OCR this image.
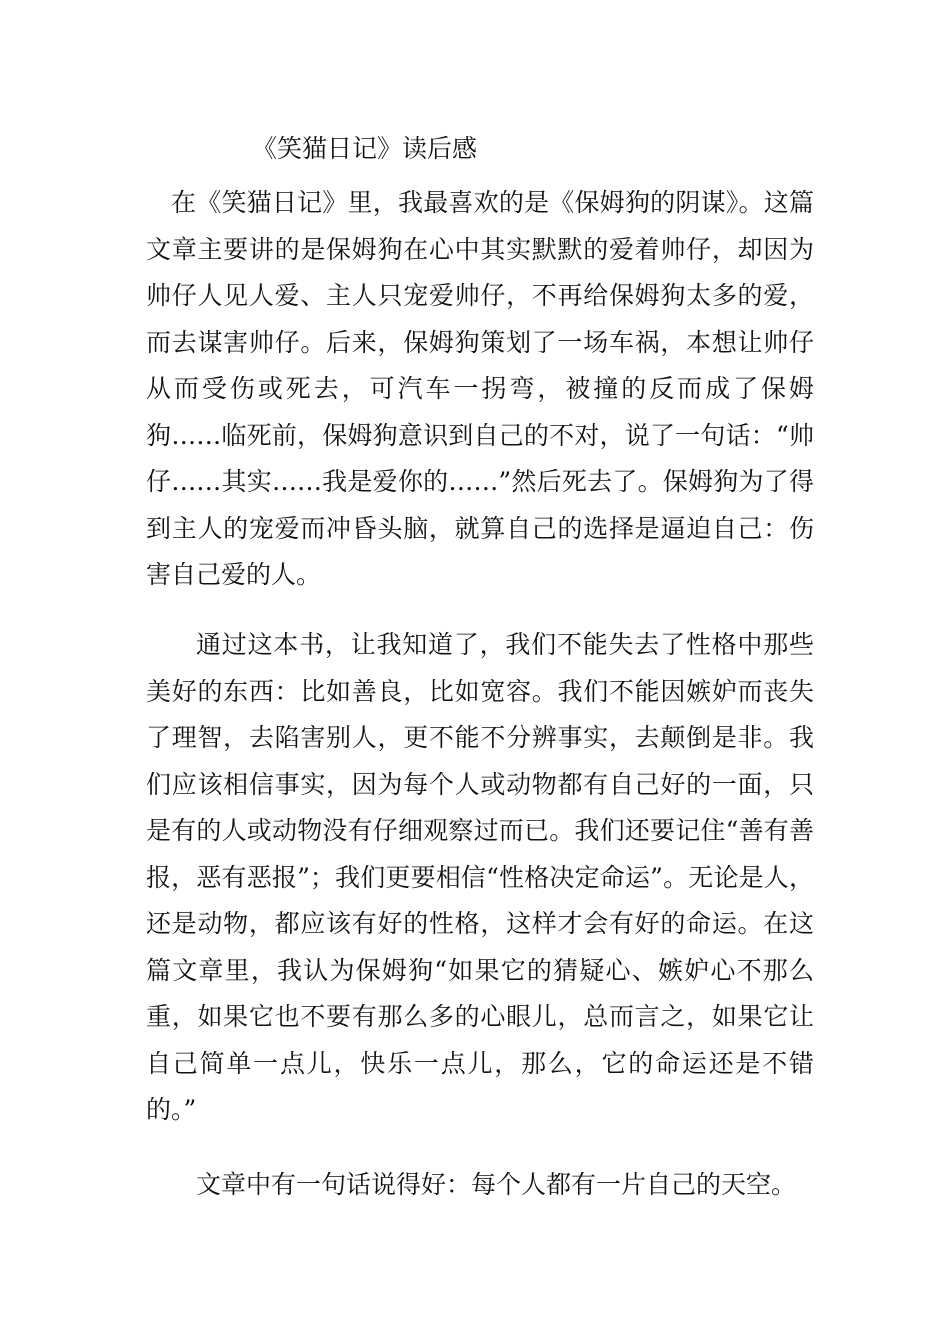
《笑猫日记》读后感

在《笑猫日记》里，我最喜欢的是《保姆狗的阴谋》。这篇文章主要讲的是保姆狗在心中其实默默的爱着帅仔，却因为帅仔人见人爱、主人只宠爱帅仔，不再给保姆狗太多的爱，而去谋害帅仔。后来，保姆狗策划了一场车祸，本想让帅仔从而受伤或死去，可汽车一拐弯，被撞的反而成了保姆狗……临死前，保姆狗意识到自己的不对，说了一句话：“帅仔……其实……我是爱你的……”然后死去了。保姆狗为了得到主人的宠爱而冲昏头脑，就算自己的选择是逼迫自己：伤害自己爱的人。

通过这本书，让我知道了，我们不能失去了性格中那些美好的东西：比如善良，比如宽容。我们不能因嫉妒而丧失了理智，去陷害别人，更不能不分辨事实，去颠倒是非。我们应该相信事实，因为每个人或动物都有自己好的一面，只是有的人或动物没有仔细观察过而已。我们还要记住“善有善报，恶有恶报”；我们更要相信“性格决定命运”。无论是人，还是动物，都应该有好的性格，这样才会有好的命运。在这篇文章里，我认为保姆狗“如果它的猜疑心、嫉妒心不那么重，如果它也不要有那么多的心眼儿，总而言之，如果它让自己简单一点儿，快乐一点儿，那么，它的命运还是不错的。”

文章中有一句话说得好：每个人都有一片自己的天空。
